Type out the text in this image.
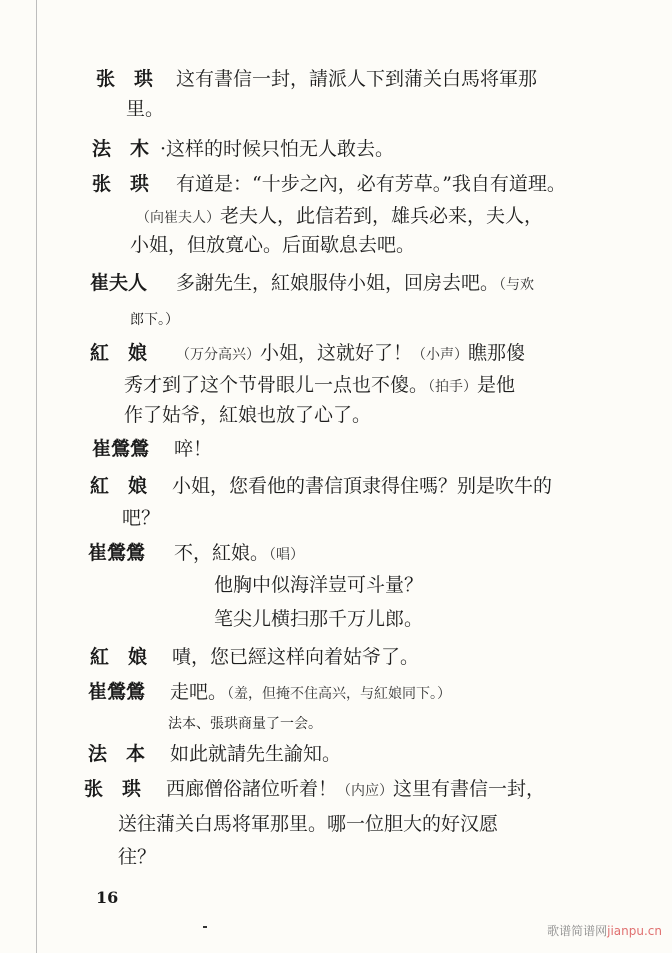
张　珙 这有書信一封，請派人下到蒲关白馬将軍那
里。
法　木 ·这样的时候只怕无人敢去。
张　珙 有道是：“十步之內，必有芳草。”我自有道理。
（向崔夫人）老夫人，此信若到，雄兵必来，夫人，
小姐，但放寬心。后面歇息去吧。
崔夫人 多謝先生，紅娘服侍小姐，回房去吧。（与欢
郎下。）
紅　娘 （万分高兴）小姐，这就好了！（小声）瞧那傻
秀才到了这个节骨眼儿一点也不傻。（拍手）是他
作了姑爷，紅娘也放了心了。
崔鶯鶯 啐！
紅　娘 小姐，您看他的書信頂隶得住嗎？别是吹牛的
吧？
崔鶯鶯 不，紅娘。（唱）
他胸中似海洋豈可斗量？
笔尖儿横扫那千万儿郎。
紅　娘 嘖，您已經这样向着姑爷了。
崔鶯鶯 走吧。（羞，但掩不住高兴，与紅娘同下。）
法本、張珙商量了一会。
法　本 如此就請先生諭知。
张　珙 西廊僧俗諸位听着！（内应）这里有書信一封，
送往蒲关白馬将軍那里。哪一位胆大的好汉愿
往？
16
歌谱简谱网jianpu.cn
